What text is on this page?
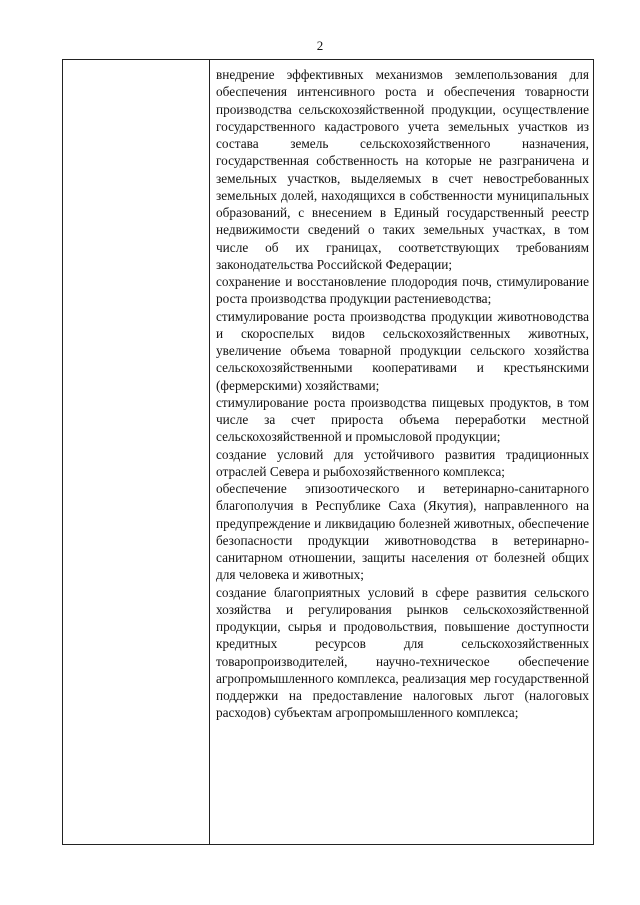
2

внедрение эффективных механизмов землепользования для обеспечения интенсивного роста и обеспечения товарности производства сельскохозяйственной продукции, осуществление государственного кадастрового учета земельных участков из состава земель сельскохозяйственного назначения, государственная собственность на которые не разграничена и земельных участков, выделяемых в счет невостребованных земельных долей, находящихся в собственности муниципальных образований, с внесением в Единый государственный реестр недвижимости сведений о таких земельных участках, в том числе об их границах, соответствующих требованиям законодательства Российской Федерации;

сохранение и восстановление плодородия почв, стимулирование роста производства продукции растениеводства;

стимулирование роста производства продукции животноводства и скороспелых видов сельскохозяйственных животных, увеличение объема товарной продукции сельского хозяйства сельскохозяйственными кооперативами и крестьянскими (фермерскими) хозяйствами;

стимулирование роста производства пищевых продуктов, в том числе за счет прироста объема переработки местной сельскохозяйственной и промысловой продукции;

создание условий для устойчивого развития традиционных отраслей Севера и рыбохозяйственного комплекса;

обеспечение эпизоотического и ветеринарно-санитарного благополучия в Республике Саха (Якутия), направленного на предупреждение и ликвидацию болезней животных, обеспечение безопасности продукции животноводства в ветеринарно-санитарном отношении, защиты населения от болезней общих для человека и животных;

создание благоприятных условий в сфере развития сельского хозяйства и регулирования рынков сельскохозяйственной продукции, сырья и продовольствия, повышение доступности кредитных ресурсов для сельскохозяйственных товаропроизводителей, научно-техническое обеспечение агропромышленного комплекса, реализация мер государственной поддержки на предоставление налоговых льгот (налоговых расходов) субъектам агропромышленного комплекса;
